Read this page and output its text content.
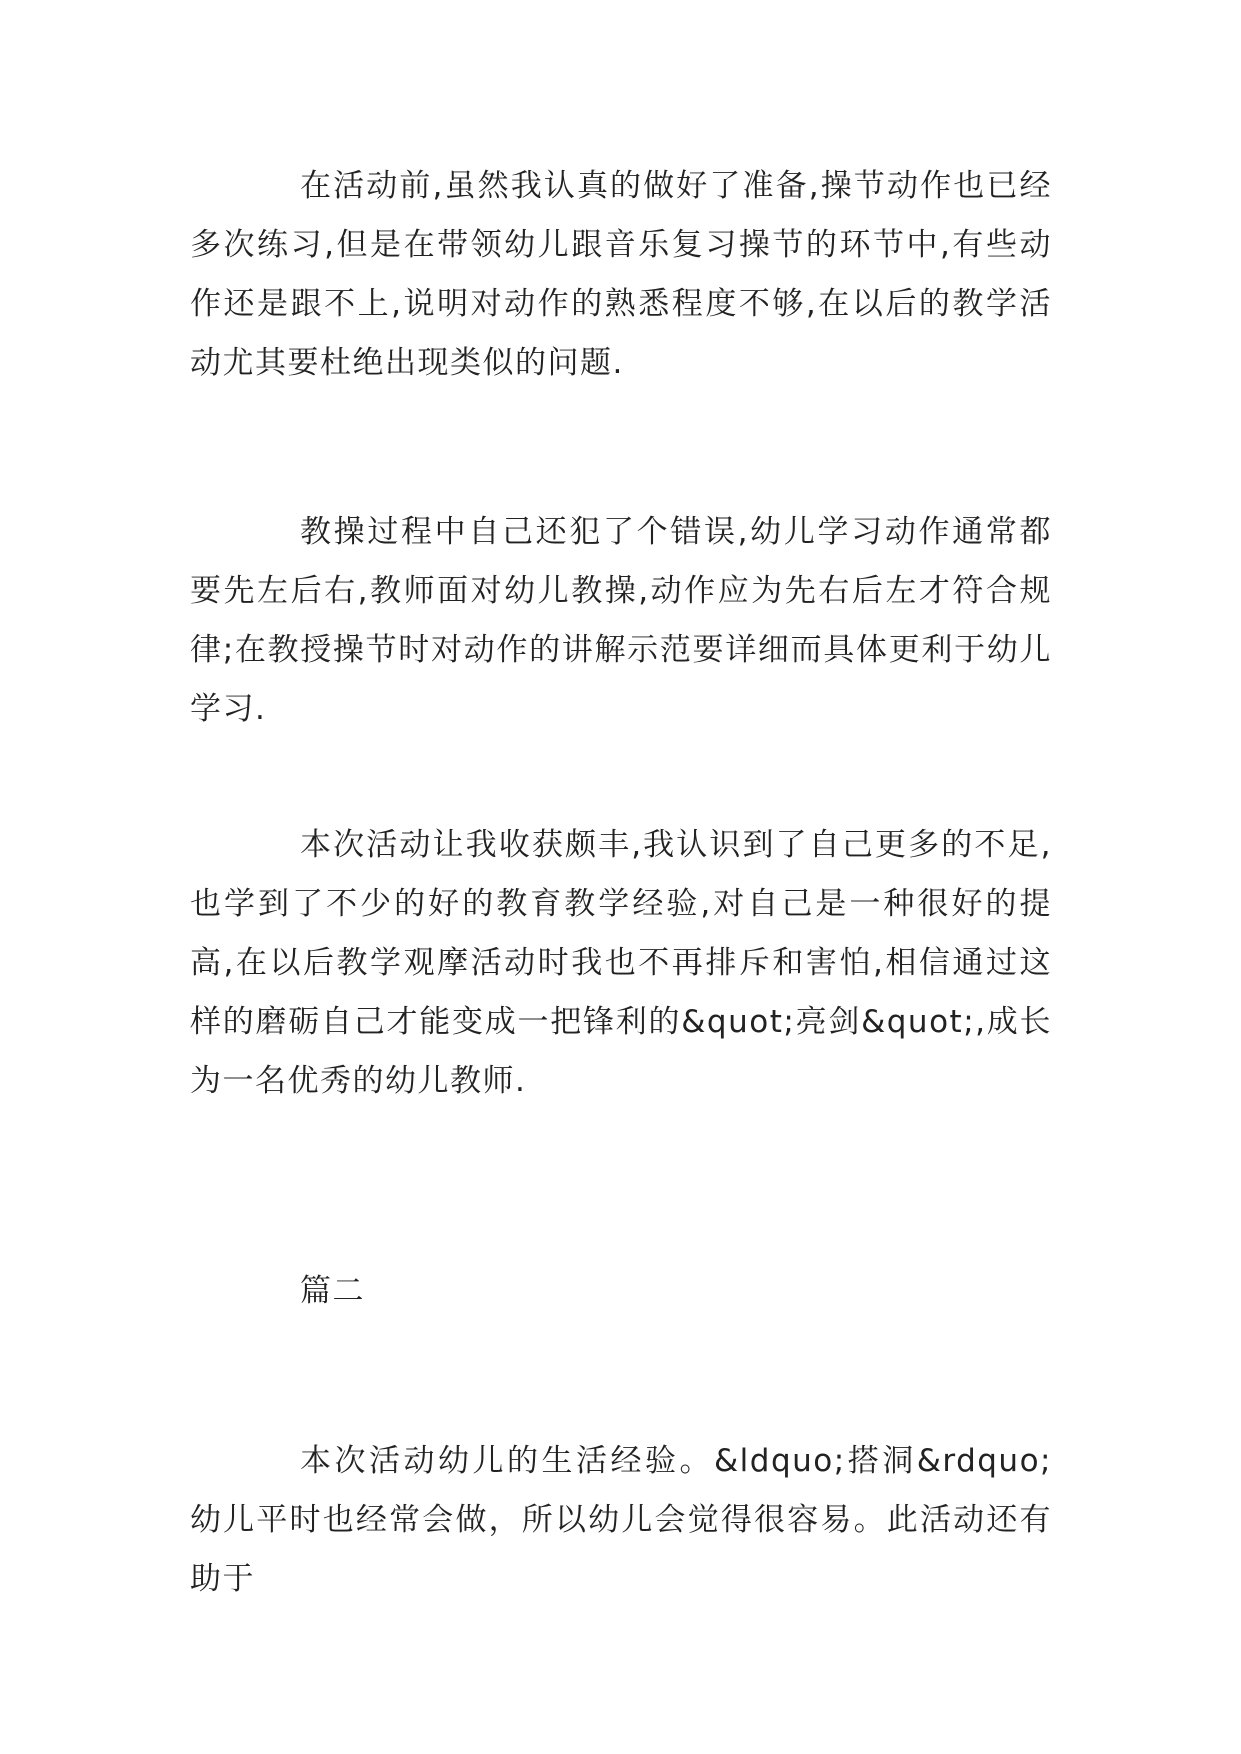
在活动前,虽然我认真的做好了准备,操节动作也已经多次练习,但是在带领幼儿跟音乐复习操节的环节中,有些动作还是跟不上,说明对动作的熟悉程度不够,在以后的教学活动尤其要杜绝出现类似的问题.

教操过程中自己还犯了个错误,幼儿学习动作通常都要先左后右,教师面对幼儿教操,动作应为先右后左才符合规律;在教授操节时对动作的讲解示范要详细而具体更利于幼儿学习.

本次活动让我收获颇丰,我认识到了自己更多的不足,也学到了不少的好的教育教学经验,对自己是一种很好的提高,在以后教学观摩活动时我也不再排斥和害怕,相信通过这样的磨砺自己才能变成一把锋利的&quot;亮剑&quot;,成长为一名优秀的幼儿教师.

篇二

本次活动幼儿的生活经验。&ldquo;搭洞&rdquo;幼儿平时也经常会做，所以幼儿会觉得很容易。此活动还有助于
